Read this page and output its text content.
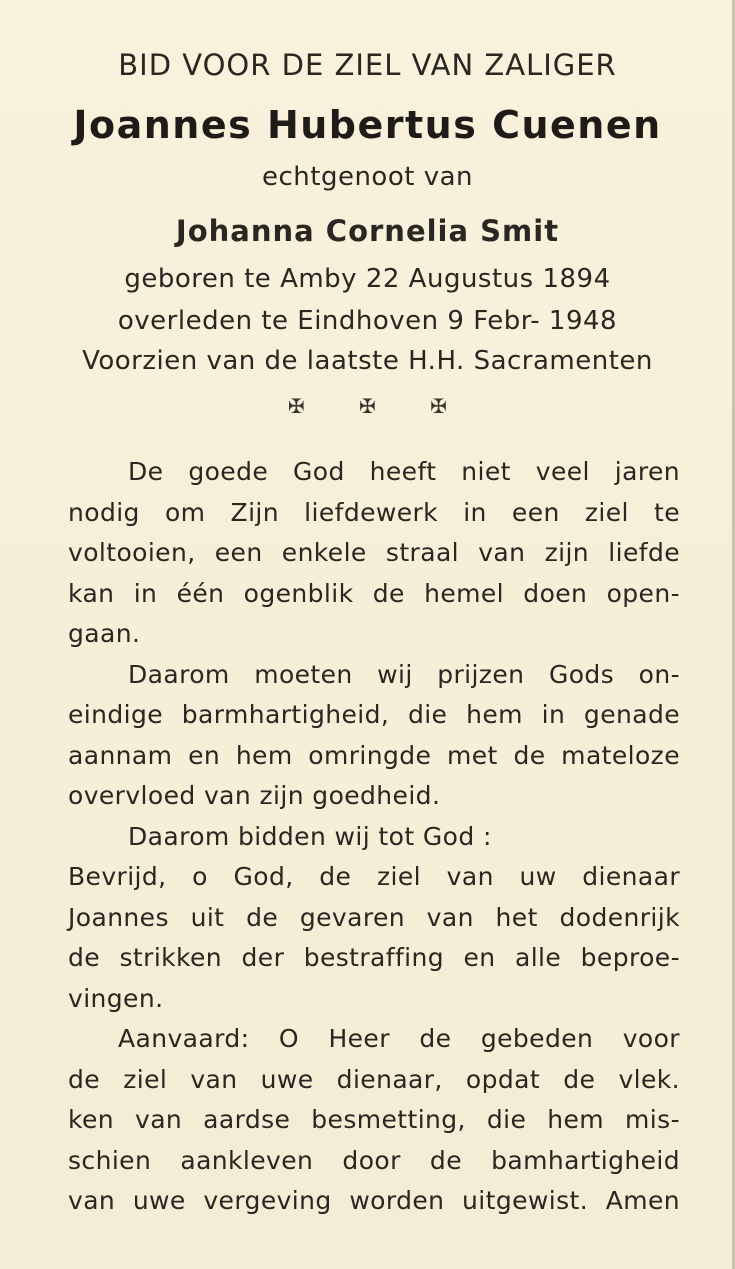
BID VOOR DE ZIEL VAN ZALIGER
Joannes Hubertus Cuenen
echtgenoot van
Johanna Cornelia Smit
geboren te Amby 22 Augustus 1894
overleden te Eindhoven 9 Febr- 1948
Voorzien van de laatste H.H. Sacramenten
✠	✠	✠
De goede God heeft niet veel jaren
nodig om Zijn liefdewerk in een ziel te
voltooien, een enkele straal van zijn liefde
kan in één ogenblik de hemel doen open-
gaan.
Daarom moeten wij prijzen Gods on-
eindige barmhartigheid, die hem in genade
aannam en hem omringde met de mateloze
overvloed van zijn goedheid.
Daarom bidden wij tot God :
Bevrijd, o God, de ziel van uw dienaar
Joannes uit de gevaren van het dodenrijk
de strikken der bestraffing en alle beproe-
vingen.
Aanvaard: O Heer de gebeden voor
de ziel van uwe dienaar, opdat de vlek.
ken van aardse besmetting, die hem mis-
schien aankleven door de bamhartigheid
van uwe vergeving worden uitgewist. Amen
